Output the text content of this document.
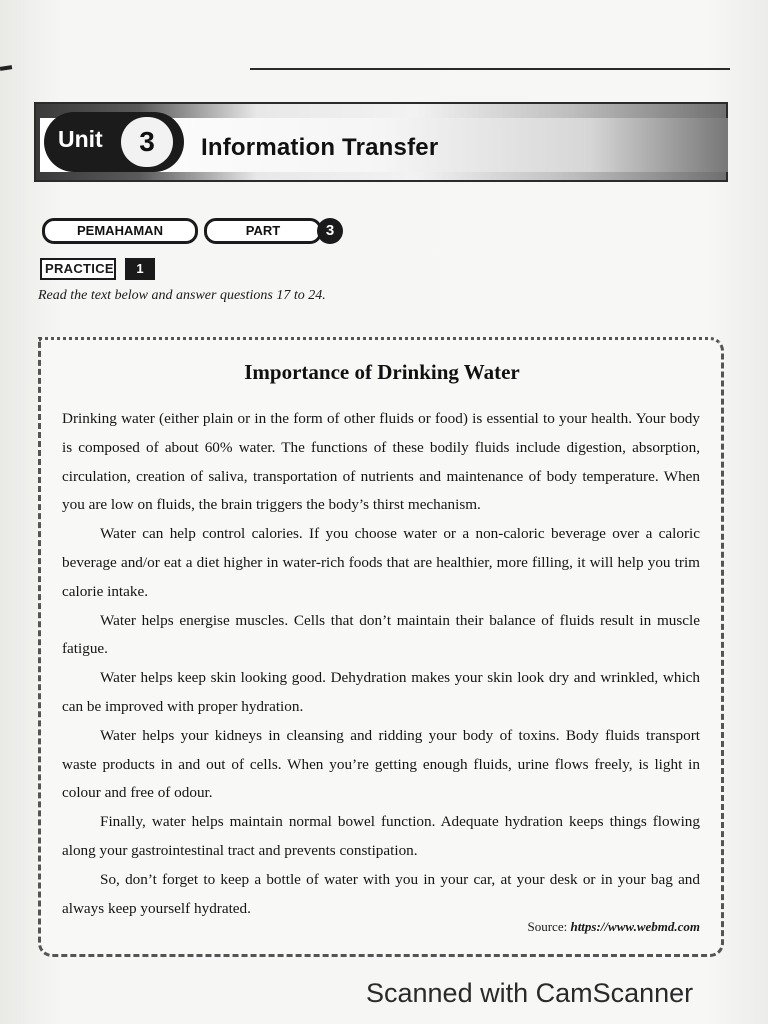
Unit	3	Information Transfer
PEMAHAMAN	PART	3
PRACTICE	1
Read the text below and answer questions 17 to 24.
Importance of Drinking Water

Drinking water (either plain or in the form of other fluids or food) is essential to your health. Your body is composed of about 60% water. The functions of these bodily fluids include digestion, absorption, circulation, creation of saliva, transportation of nutrients and maintenance of body temperature. When you are low on fluids, the brain triggers the body’s thirst mechanism.

Water can help control calories. If you choose water or a non-caloric beverage over a caloric beverage and/or eat a diet higher in water-rich foods that are healthier, more filling, it will help you trim calorie intake.

Water helps energise muscles. Cells that don’t maintain their balance of fluids result in muscle fatigue.

Water helps keep skin looking good. Dehydration makes your skin look dry and wrinkled, which can be improved with proper hydration.

Water helps your kidneys in cleansing and ridding your body of toxins. Body fluids transport waste products in and out of cells. When you’re getting enough fluids, urine flows freely, is light in colour and free of odour.

Finally, water helps maintain normal bowel function. Adequate hydration keeps things flowing along your gastrointestinal tract and prevents constipation.

So, don’t forget to keep a bottle of water with you in your car, at your desk or in your bag and always keep yourself hydrated.

Source: https://www.webmd.com
Scanned with CamScanner
